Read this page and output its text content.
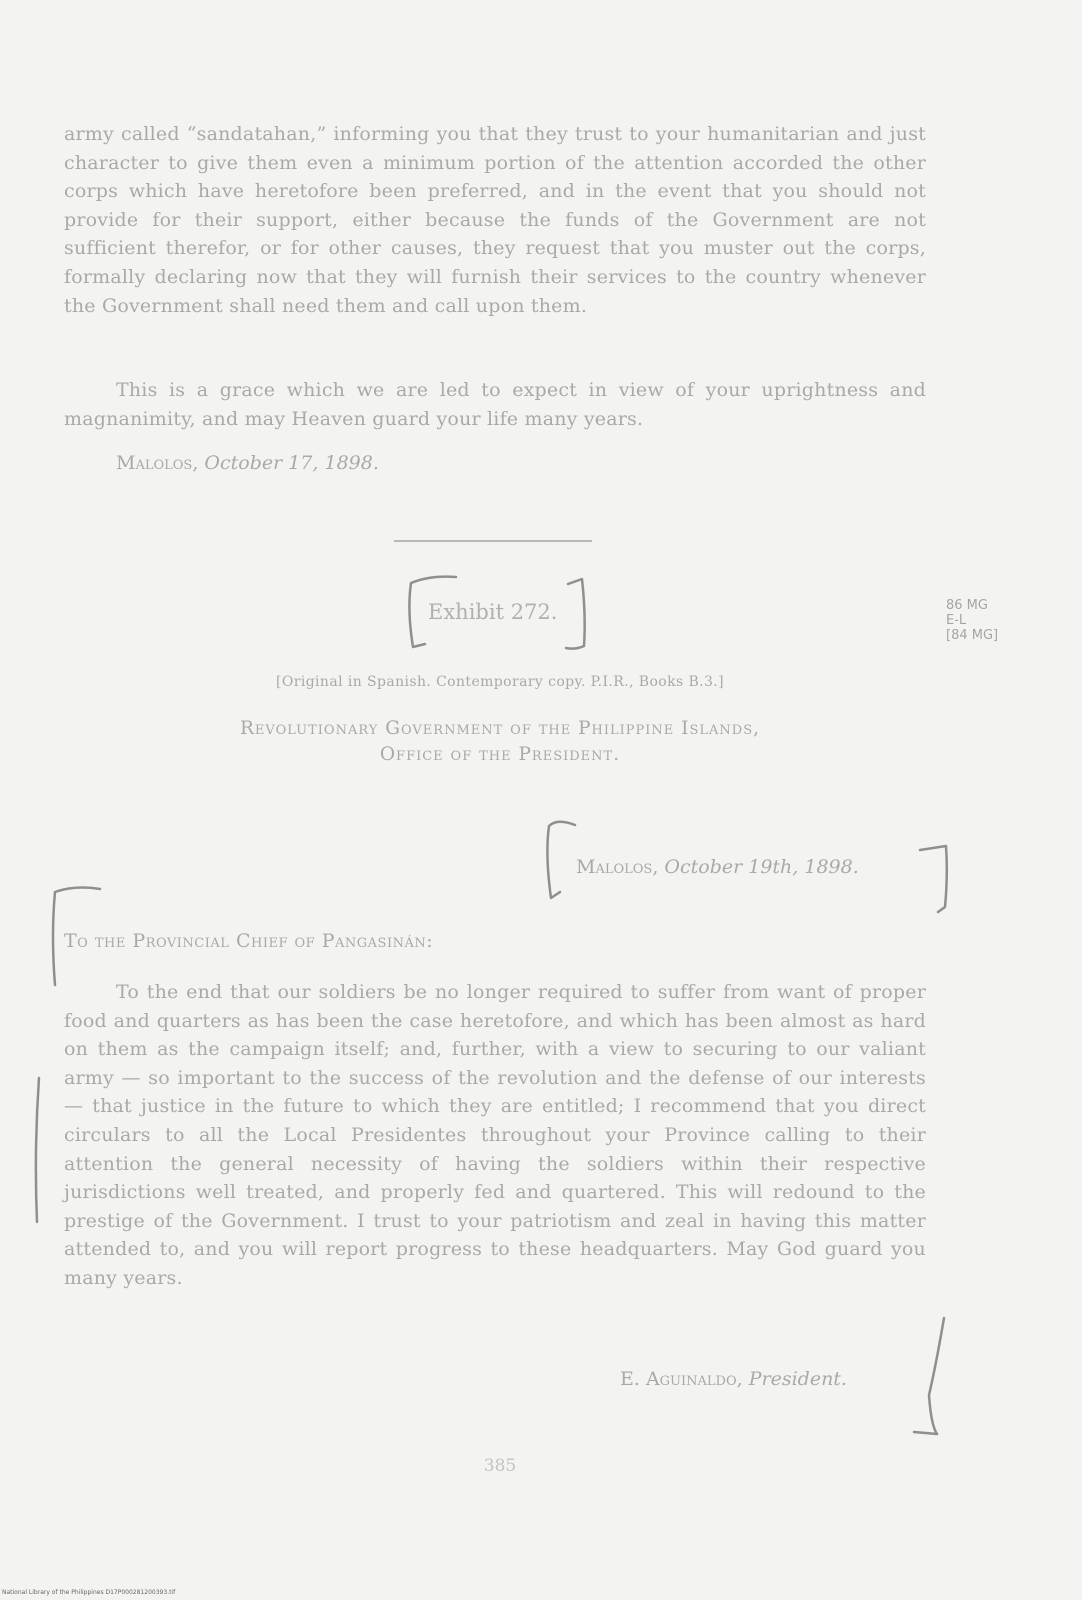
army called “sandatahan,” informing you that they trust to your humanitarian and just character to give them even a minimum portion of the attention accorded the other corps which have heretofore been preferred, and in the event that you should not provide for their support, either because the funds of the Government are not sufficient therefor, or for other causes, they request that you muster out the corps, formally declaring now that they will furnish their services to the country whenever the Government shall need them and call upon them.
This is a grace which we are led to expect in view of your uprightness and magnanimity, and may Heaven guard your life many years.
Malolos, October 17, 1898.
Exhibit 272.	86 MG
E-L
[84 MG]
[Original in Spanish. Contemporary copy. P.I.R., Books B.3.]
Revolutionary Government of the Philippine Islands,
Office of the President.
Malolos, October 19th, 1898.
To the Provincial Chief of Pangasinán:
To the end that our soldiers be no longer required to suffer from want of proper food and quarters as has been the case heretofore, and which has been almost as hard on them as the campaign itself; and, further, with a view to securing to our valiant army — so important to the success of the revolution and the defense of our interests — that justice in the future to which they are entitled; I recommend that you direct circulars to all the Local Presidentes throughout your Province calling to their attention the general necessity of having the soldiers within their respective jurisdictions well treated, and properly fed and quartered. This will redound to the prestige of the Government. I trust to your patriotism and zeal in having this matter attended to, and you will report progress to these headquarters. May God guard you many years.
E. Aguinaldo, President.
385
National Library of the Philippines D17P000281200393.tif
